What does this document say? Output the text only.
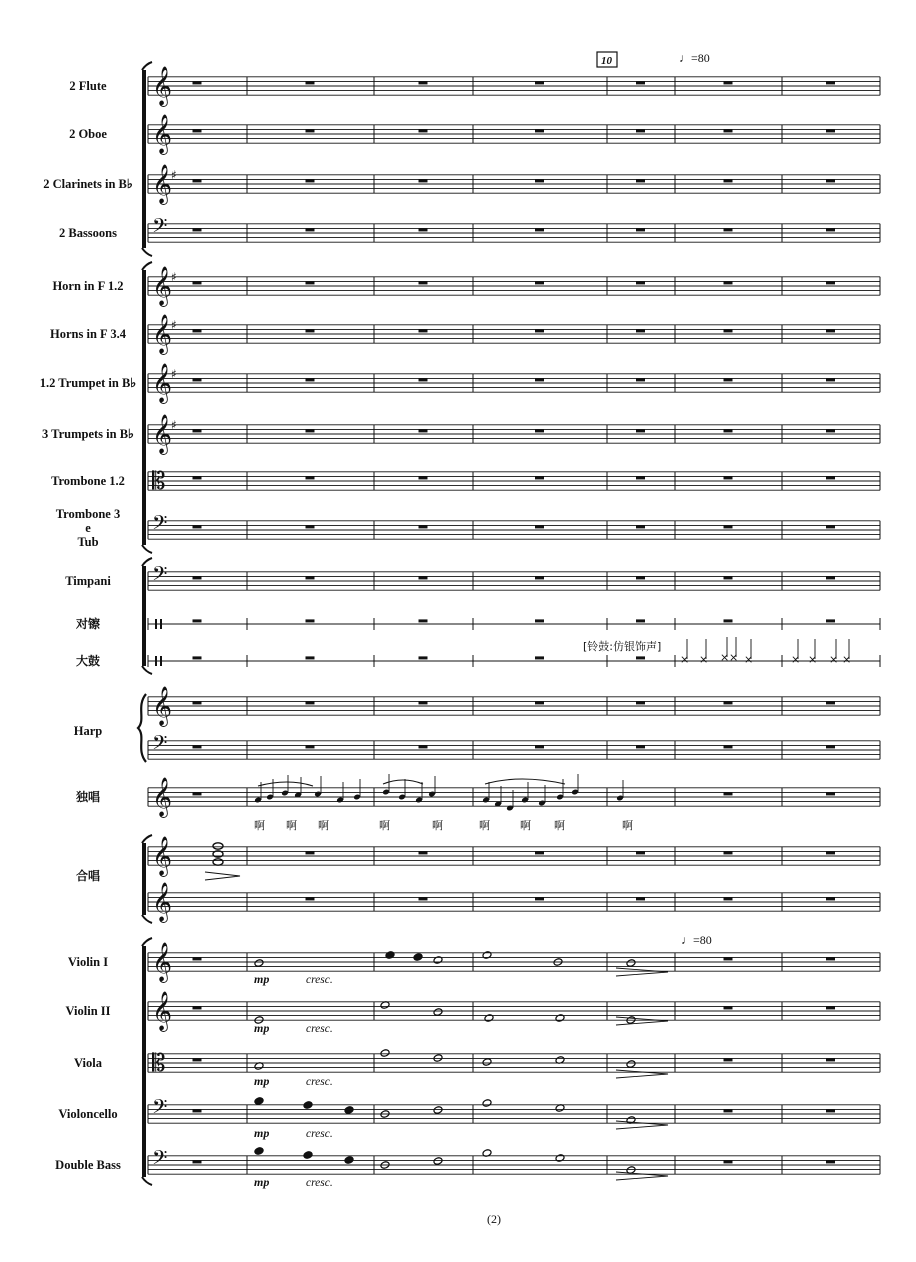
𝄞
𝄞
𝄞
♯
𝄢
𝄞
♯
𝄞
♯
𝄞
♯
𝄞
♯
𝄡
𝄢
𝄢
𝄞
𝄢
𝄞
𝄞
𝄞
𝄞
𝄞
𝄡
𝄢
𝄢
2 Flute
2 Oboe
2 Clarinets in B♭
2 Bassoons
Horn in F 1.2
Horns in F 3.4
1.2 Trumpet in B♭
3 Trumpets in B♭
Trombone 1.2
Trombone 3
e
Tub
Timpani
对镲
大鼓
Harp
独唱
合唱
Violin I
Violin II
Viola
Violoncello
Double Bass
× × × × ×	× × × ×
10	♩=80
♩=80
[铃鼓:仿银饰声]
啊 啊 啊	啊	啊	啊	啊 啊	啊
mp	cresc.
mp	cresc.
mp	cresc.
mp	cresc.
mp	cresc.
(2)
